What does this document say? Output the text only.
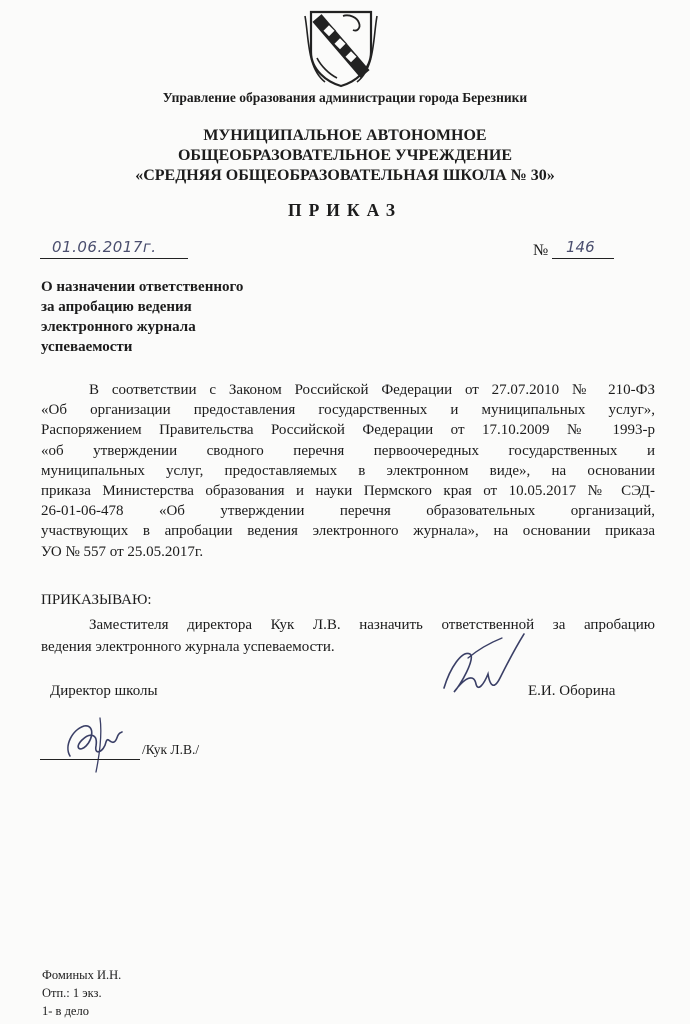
Управление образования администрации города Березники
МУНИЦИПАЛЬНОЕ АВТОНОМНОЕ
ОБЩЕОБРАЗОВАТЕЛЬНОЕ УЧРЕЖДЕНИЕ
«СРЕДНЯЯ ОБЩЕОБРАЗОВАТЕЛЬНАЯ ШКОЛА № 30»
ПРИКАЗ
01.06.2017г.	№ 146
О назначении ответственного
за апробацию ведения
электронного журнала
успеваемости
В соответствии с Законом Российской Федерации от 27.07.2010 № 210-ФЗ
«Об организации предоставления государственных и муниципальных услуг»,
Распоряжением Правительства Российской Федерации от 17.10.2009 № 1993-р
«об утверждении сводного перечня первоочередных государственных и
муниципальных услуг, предоставляемых в электронном виде», на основании
приказа Министерства образования и науки Пермского края от 10.05.2017 № СЭД-
26-01-06-478 «Об утверждении перечня образовательных организаций,
участвующих в апробации ведения электронного журнала», на основании приказа
УО № 557 от 25.05.2017г.
ПРИКАЗЫВАЮ:
Заместителя директора Кук Л.В. назначить ответственной за апробацию
ведения электронного журнала успеваемости.
Директор школы	Е.И. Оборина
/Кук Л.В./
Фоминых И.Н.
Отп.: 1 экз.
1- в дело
